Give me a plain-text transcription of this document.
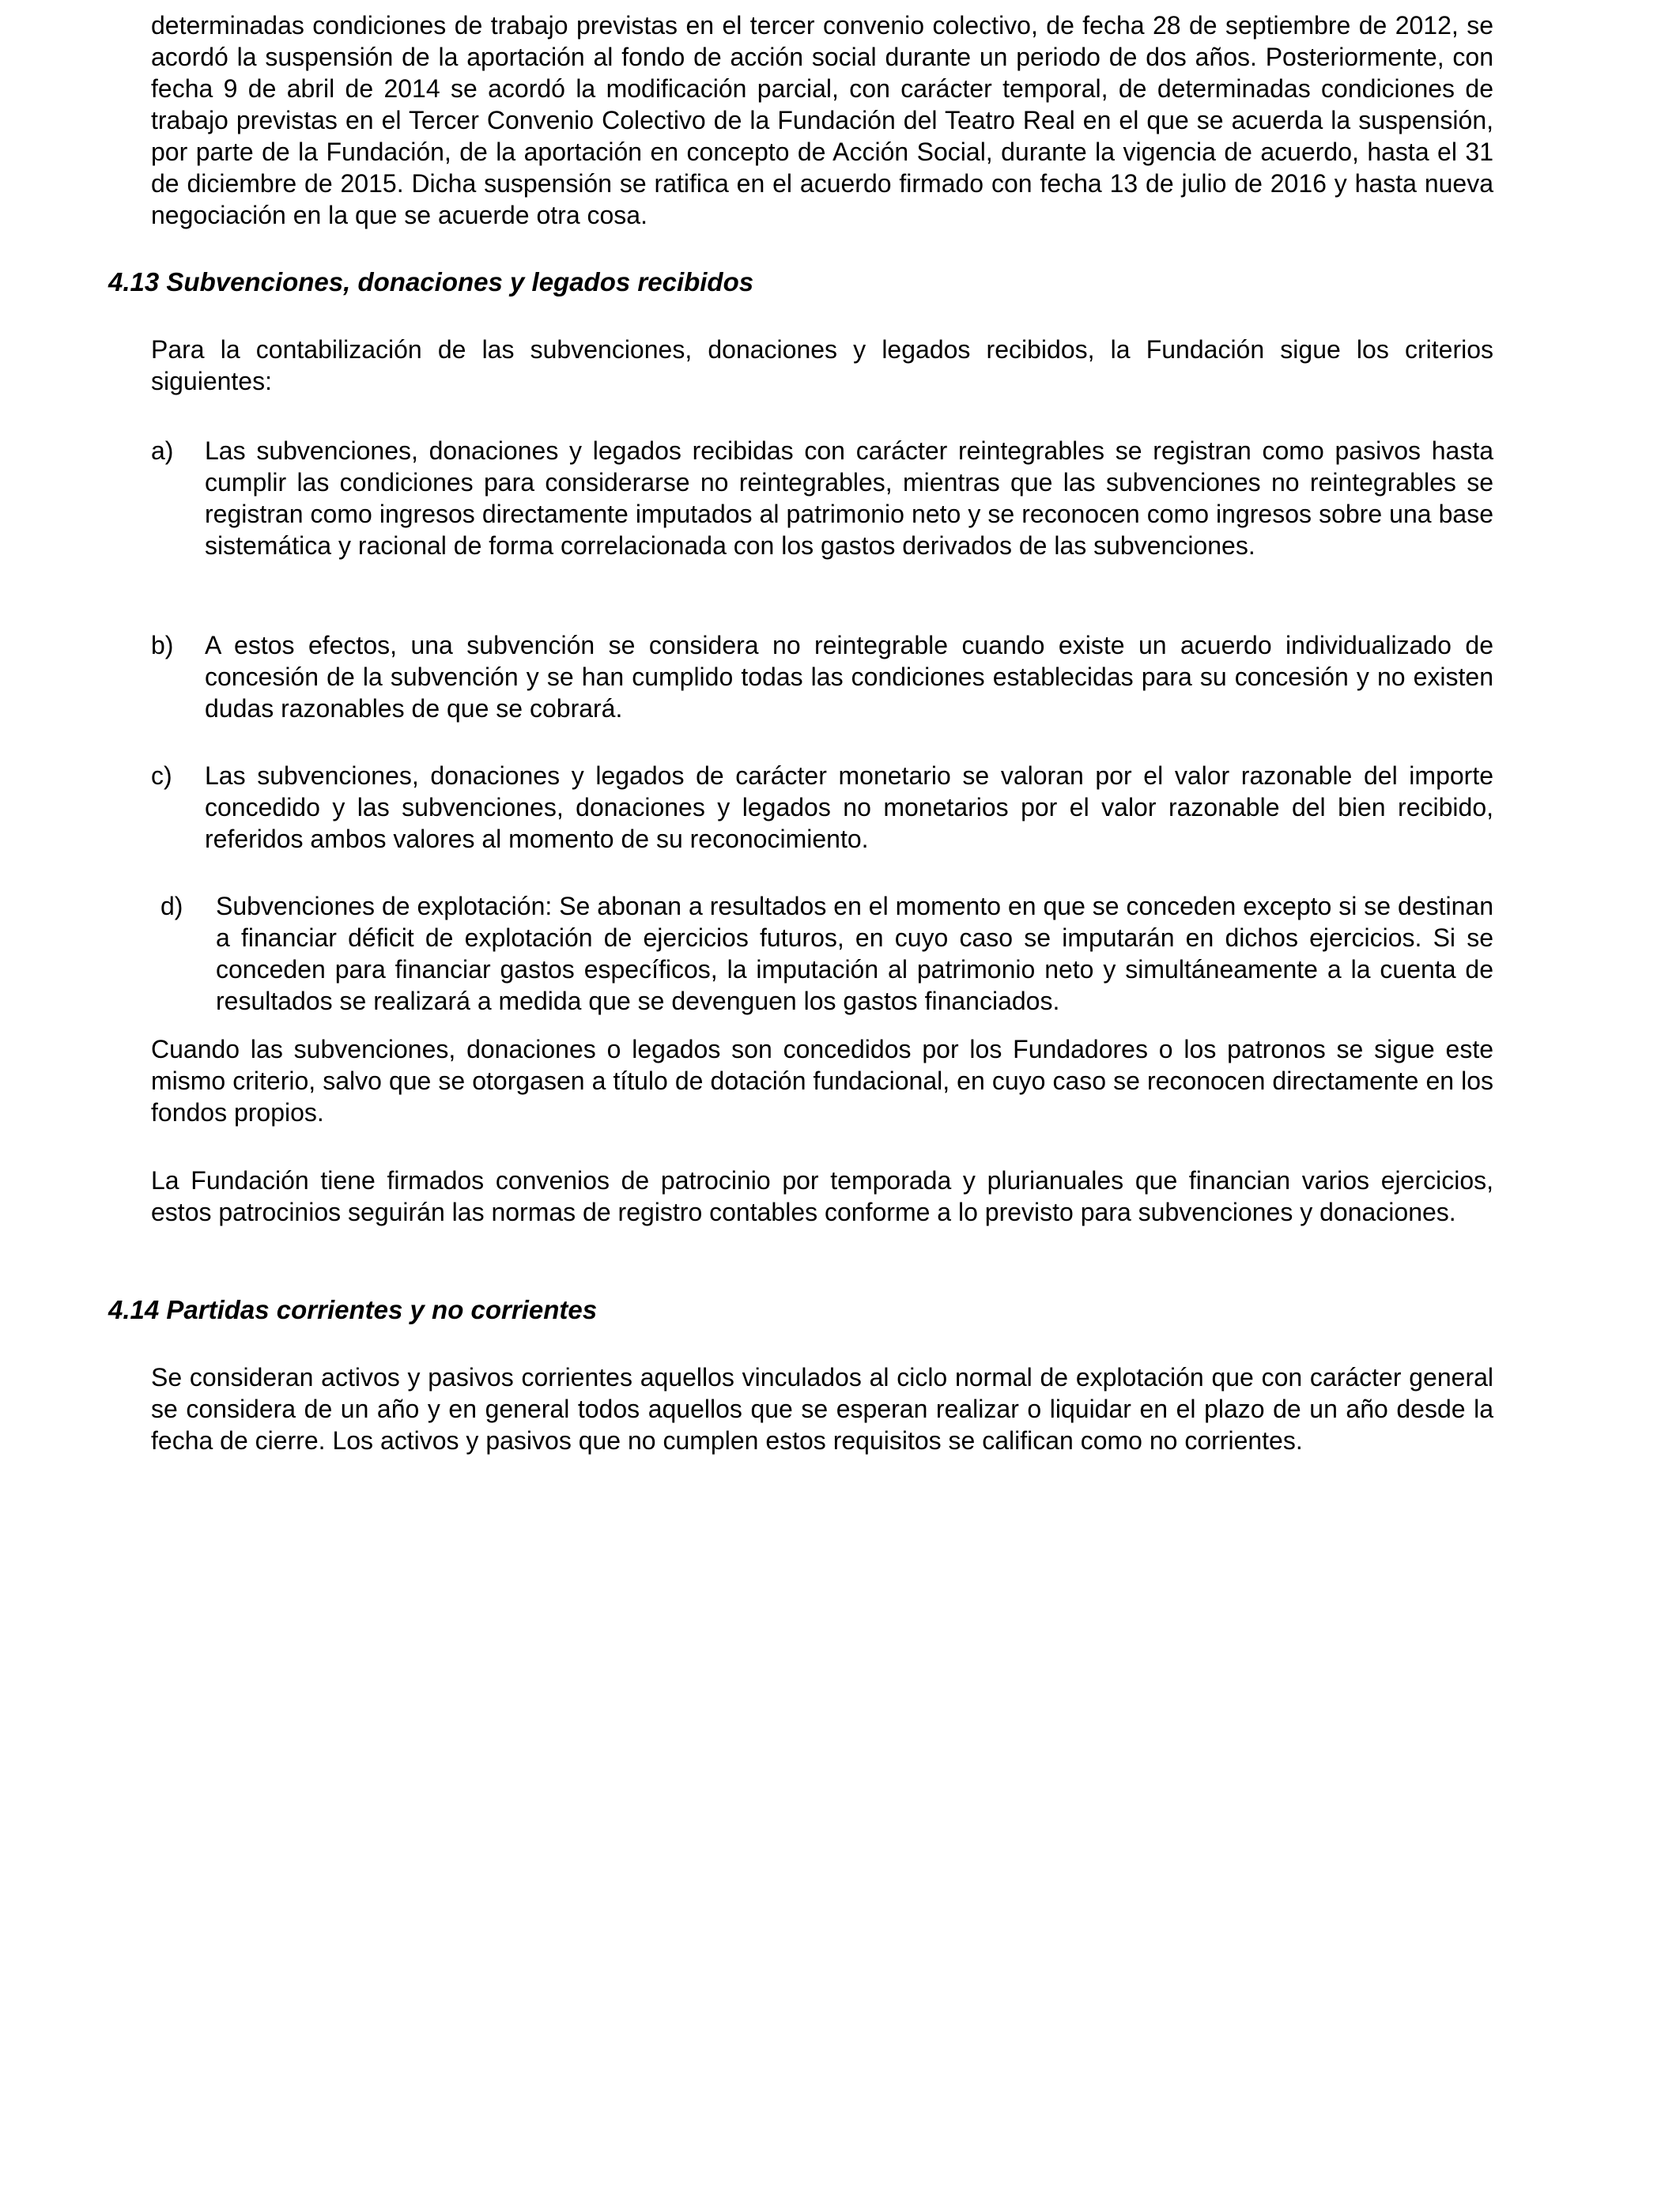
determinadas condiciones de trabajo previstas en el tercer convenio colectivo, de fecha 28 de septiembre de 2012, se acordó la suspensión de la aportación al fondo de acción social durante un periodo de dos años. Posteriormente, con fecha 9 de abril de 2014 se acordó la modificación parcial, con carácter temporal, de determinadas condiciones de trabajo previstas en el Tercer Convenio Colectivo de la Fundación del Teatro Real en el que se acuerda la suspensión, por parte de la Fundación, de la aportación en concepto de Acción Social, durante la vigencia de acuerdo, hasta el 31 de diciembre de 2015. Dicha suspensión se ratifica en el acuerdo firmado con fecha 13 de julio de 2016 y hasta nueva negociación en la que se acuerde otra cosa.

4.13 Subvenciones, donaciones y legados recibidos

Para la contabilización de las subvenciones, donaciones y legados recibidos, la Fundación sigue los criterios siguientes:

a) Las subvenciones, donaciones y legados recibidas con carácter reintegrables se registran como pasivos hasta cumplir las condiciones para considerarse no reintegrables, mientras que las subvenciones no reintegrables se registran como ingresos directamente imputados al patrimonio neto y se reconocen como ingresos sobre una base sistemática y racional de forma correlacionada con los gastos derivados de las subvenciones.
b) A estos efectos, una subvención se considera no reintegrable cuando existe un acuerdo individualizado de concesión de la subvención y se han cumplido todas las condiciones establecidas para su concesión y no existen dudas razonables de que se cobrará.
c) Las subvenciones, donaciones y legados de carácter monetario se valoran por el valor razonable del importe concedido y las subvenciones, donaciones y legados no monetarios por el valor razonable del bien recibido, referidos ambos valores al momento de su reconocimiento.
d) Subvenciones de explotación: Se abonan a resultados en el momento en que se conceden excepto si se destinan a financiar déficit de explotación de ejercicios futuros, en cuyo caso se imputarán en dichos ejercicios. Si se conceden para financiar gastos específicos, la imputación al patrimonio neto y simultáneamente a la cuenta de resultados se realizará a medida que se devenguen los gastos financiados.

Cuando las subvenciones, donaciones o legados son concedidos por los Fundadores o los patronos se sigue este mismo criterio, salvo que se otorgasen a título de dotación fundacional, en cuyo caso se reconocen directamente en los fondos propios.

La Fundación tiene firmados convenios de patrocinio por temporada y plurianuales que financian varios ejercicios, estos patrocinios seguirán las normas de registro contables conforme a lo previsto para subvenciones y donaciones.

4.14 Partidas corrientes y no corrientes

Se consideran activos y pasivos corrientes aquellos vinculados al ciclo normal de explotación que con carácter general se considera de un año y en general todos aquellos que se esperan realizar o liquidar en el plazo de un año desde la fecha de cierre. Los activos y pasivos que no cumplen estos requisitos se califican como no corrientes.
